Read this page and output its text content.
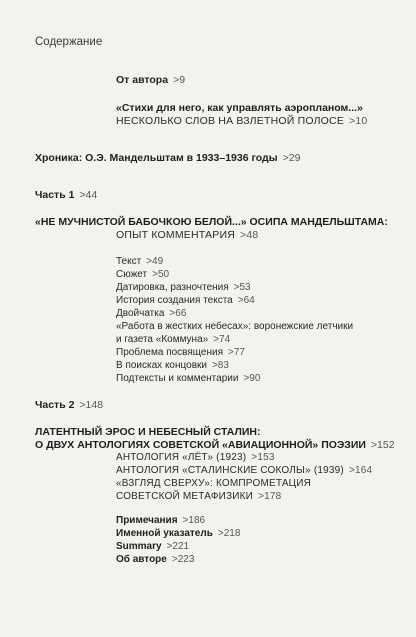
Содержание
От автора >9
«Стихи для него, как управлять аэропланом...»
НЕСКОЛЬКО СЛОВ НА ВЗЛЕТНОЙ ПОЛОСЕ >10
Хроника: О.Э. Мандельштам в 1933–1936 годы >29
Часть 1 >44
«НЕ МУЧНИСТОЙ БАБОЧКОЮ БЕЛОЙ...» ОСИПА МАНДЕЛЬШТАМА:
ОПЫТ КОММЕНТАРИЯ >48
Текст >49
Сюжет >50
Датировка, разночтения >53
История создания текста >64
Двойчатка >66
«Работа в жестких небесах»: воронежские летчики
и газета «Коммуна» >74
Проблема посвящения >77
В поисках концовки >83
Подтексты и комментарии >90
Часть 2 >148
ЛАТЕНТНЫЙ ЭРОС И НЕБЕСНЫЙ СТАЛИН:
О ДВУХ АНТОЛОГИЯХ СОВЕТСКОЙ «АВИАЦИОННОЙ» ПОЭЗИИ >152
АНТОЛОГИЯ «ЛЁТ» (1923) >153
АНТОЛОГИЯ «СТАЛИНСКИЕ СОКОЛЫ» (1939) >164
«ВЗГЛЯД СВЕРХУ»: КОМПРОМЕТАЦИЯ
СОВЕТСКОЙ МЕТАФИЗИКИ >178
Примечания >186
Именной указатель >218
Summary >221
Об авторе >223
